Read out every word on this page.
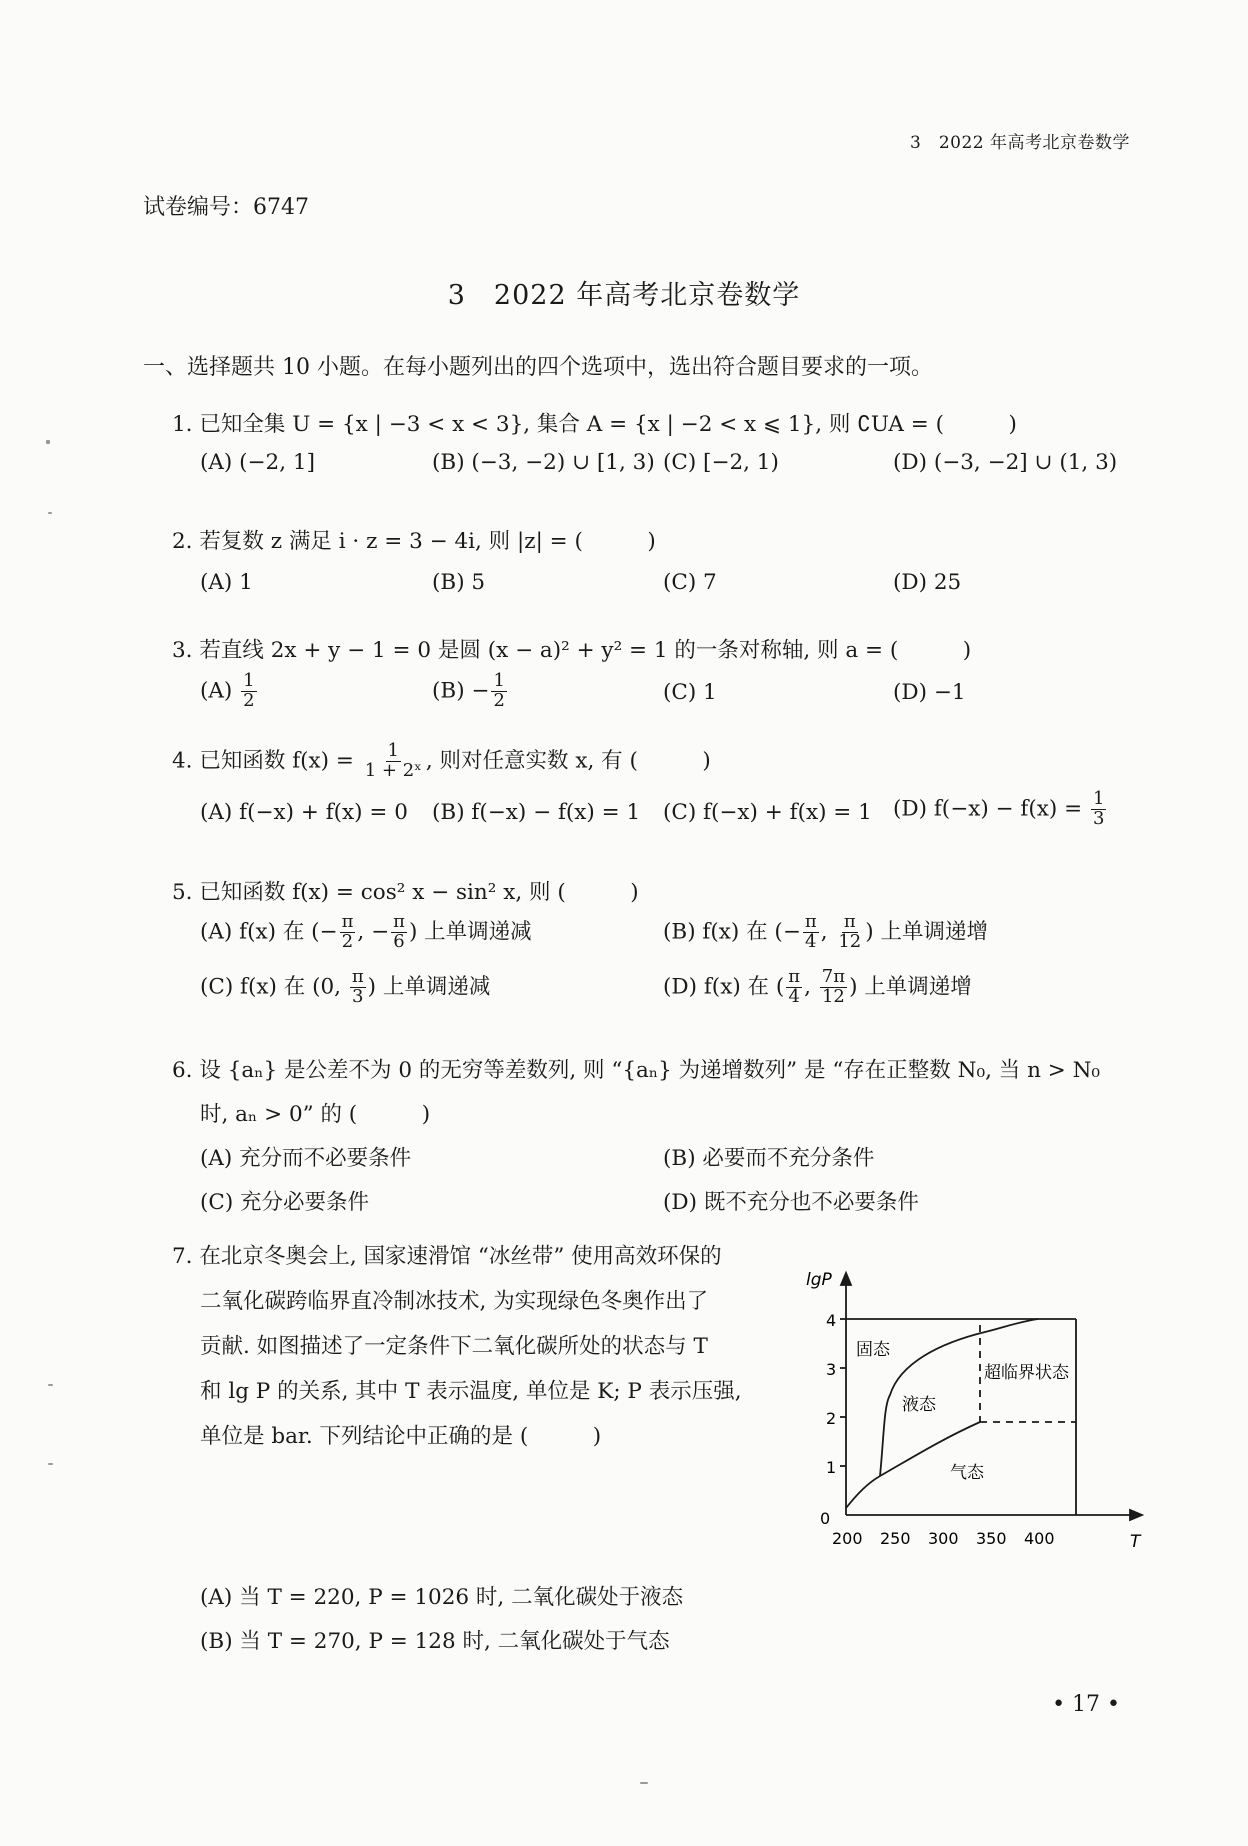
3　2022 年高考北京卷数学
试卷编号：6747
3　2022 年高考北京卷数学
一、选择题共 10 小题。在每小题列出的四个选项中，选出符合题目要求的一项。
1. 已知全集 U = {x | −3 < x < 3}, 集合 A = {x | −2 < x ⩽ 1}, 则 ∁UA = (　　　)
(A) (−2, 1]	(B) (−3, −2) ∪ [1, 3) (C) [−2, 1)	(D) (−3, −2] ∪ (1, 3)
2. 若复数 z 满足 i · z = 3 − 4i, 则 |z| = (　　　)
(A) 1	(B) 5	(C) 7	(D) 25
3. 若直线 2x + y − 1 = 0 是圆 (x − a)² + y² = 1 的一条对称轴, 则 a = (　　　)
$(A) \frac{1}{2}$	$(B) - \frac{1}{2}$	(C) 1	(D) −1
4. 已知函数 $f(x) = \frac{1}{\text{1 + 2ˣ}}$ , 则对任意实数 x, 有 (　　　)
(A) f(−x) + f(x) = 0 (B) f(−x) − f(x) = 1 (C) f(−x) + f(x) = 1 (D) $f(-x) - f(x) = \frac{1}{3}$
5. 已知函数 f(x) = cos² x − sin² x, 则 (　　　)
(A) f(x) 在 (− $\frac{\pi}{2}$ , − $\frac{\pi}{6}$ ) 上单调递减	(B) f(x) 在 (− $\frac{\pi}{4}$ , $\frac{\pi}{12}$ ) 上单调递增
(C) f(x) 在 (0, $\frac{\pi}{3}$ ) 上单调递减	(D) f(x) 在 ( $\frac{\pi}{4}$ , $\frac{7\pi}{12}$ ) 上单调递增
6. 设 {aₙ} 是公差不为 0 的无穷等差数列, 则 “{aₙ} 为递增数列” 是 “存在正整数 N₀, 当 n > N₀
时, aₙ > 0” 的 (　　　)
(A) 充分而不必要条件	(B) 必要而不充分条件
(C) 充分必要条件	(D) 既不充分也不必要条件
7. 在北京冬奥会上, 国家速滑馆 “冰丝带” 使用高效环保的
二氧化碳跨临界直冷制冰技术, 为实现绿色冬奥作出了
贡献. 如图描述了一定条件下二氧化碳所处的状态与 T
和 lg P 的关系, 其中 T 表示温度, 单位是 K; P 表示压强,
单位是 bar. 下列结论中正确的是 (　　　)
lgP
T
0
1
2
3
4
200 250 300 350 400
固态
液态
超临界状态
气态
(A) 当 T = 220, P = 1026 时, 二氧化碳处于液态
(B) 当 T = 270, P = 128 时, 二氧化碳处于气态
• 17 •
